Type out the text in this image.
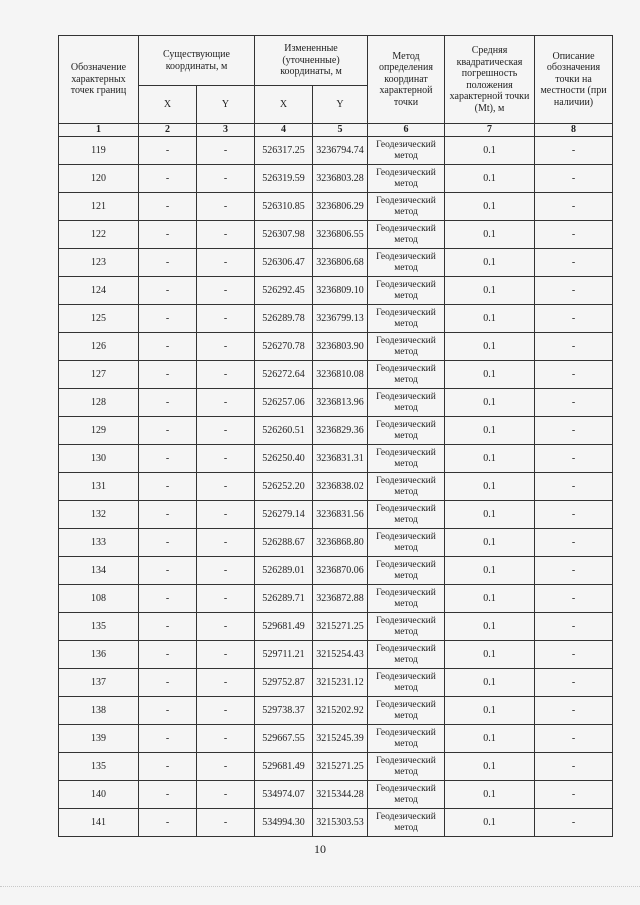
Обозначение характерных точек границ	Существующие координаты, м		Измененные (уточненные) координаты, м		Метод определения координат характерной точки	Средняя квадратическая погрешность положения характерной точки (Mt), м	Описание обозначения точки на местности (при наличии)
	X	Y	X	Y			
1	2	3	4	5	6	7	8
119	-	-	526317.25	3236794.74	Геодезический метод	0.1	-
120	-	-	526319.59	3236803.28	Геодезический метод	0.1	-
121	-	-	526310.85	3236806.29	Геодезический метод	0.1	-
122	-	-	526307.98	3236806.55	Геодезический метод	0.1	-
123	-	-	526306.47	3236806.68	Геодезический метод	0.1	-
124	-	-	526292.45	3236809.10	Геодезический метод	0.1	-
125	-	-	526289.78	3236799.13	Геодезический метод	0.1	-
126	-	-	526270.78	3236803.90	Геодезический метод	0.1	-
127	-	-	526272.64	3236810.08	Геодезический метод	0.1	-
128	-	-	526257.06	3236813.96	Геодезический метод	0.1	-
129	-	-	526260.51	3236829.36	Геодезический метод	0.1	-
130	-	-	526250.40	3236831.31	Геодезический метод	0.1	-
131	-	-	526252.20	3236838.02	Геодезический метод	0.1	-
132	-	-	526279.14	3236831.56	Геодезический метод	0.1	-
133	-	-	526288.67	3236868.80	Геодезический метод	0.1	-
134	-	-	526289.01	3236870.06	Геодезический метод	0.1	-
108	-	-	526289.71	3236872.88	Геодезический метод	0.1	-
135	-	-	529681.49	3215271.25	Геодезический метод	0.1	-
136	-	-	529711.21	3215254.43	Геодезический метод	0.1	-
137	-	-	529752.87	3215231.12	Геодезический метод	0.1	-
138	-	-	529738.37	3215202.92	Геодезический метод	0.1	-
139	-	-	529667.55	3215245.39	Геодезический метод	0.1	-
135	-	-	529681.49	3215271.25	Геодезический метод	0.1	-
140	-	-	534974.07	3215344.28	Геодезический метод	0.1	-
141	-	-	534994.30	3215303.53	Геодезический метод	0.1	-
10
